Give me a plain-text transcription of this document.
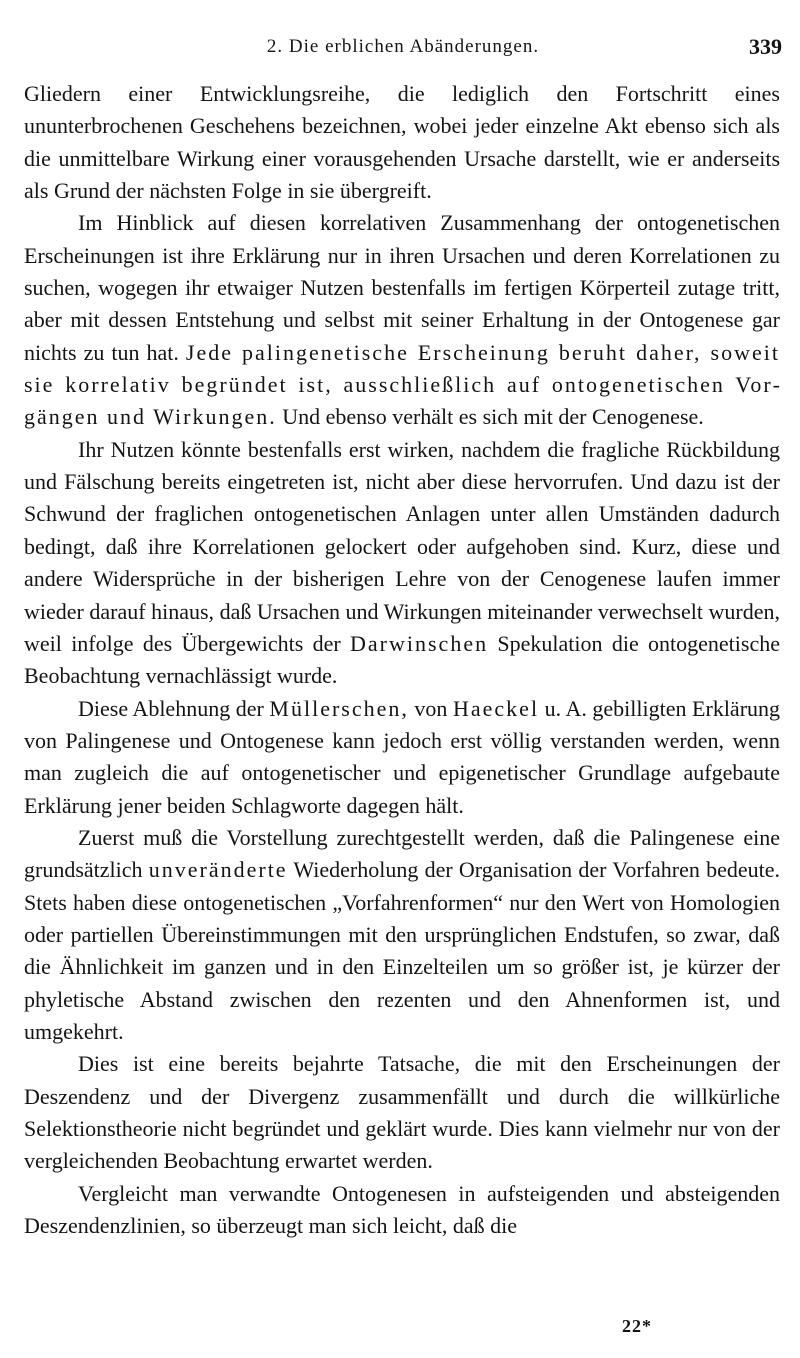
2. Die erblichen Abänderungen.	339

Gliedern einer Entwicklungsreihe, die lediglich den Fortschritt eines ununterbrochenen Geschehens bezeichnen, wobei jeder einzelne Akt ebenso sich als die unmittelbare Wirkung einer vorausgehenden Ursache darstellt, wie er anderseits als Grund der nächsten Folge in sie übergreift.

Im Hinblick auf diesen korrelativen Zusammenhang der ontogenetischen Erscheinungen ist ihre Erklärung nur in ihren Ursachen und deren Korrelationen zu suchen, wogegen ihr etwaiger Nutzen bestenfalls im fertigen Körperteil zutage tritt, aber mit dessen Entstehung und selbst mit seiner Erhaltung in der Ontogenese gar nichts zu tun hat. Jede palingenetische Erscheinung beruht daher, soweit sie korrelativ begründet ist, ausschließlich auf ontogenetischen Vorgängen und Wirkungen. Und ebenso verhält es sich mit der Cenogenese.

Ihr Nutzen könnte bestenfalls erst wirken, nachdem die fragliche Rückbildung und Fälschung bereits eingetreten ist, nicht aber diese hervorrufen. Und dazu ist der Schwund der fraglichen ontogenetischen Anlagen unter allen Umständen dadurch bedingt, daß ihre Korrelationen gelockert oder aufgehoben sind. Kurz, diese und andere Widersprüche in der bisherigen Lehre von der Cenogenese laufen immer wieder darauf hinaus, daß Ursachen und Wirkungen miteinander verwechselt wurden, weil infolge des Übergewichts der Darwinschen Spekulation die ontogenetische Beobachtung vernachlässigt wurde.

Diese Ablehnung der Müllerschen, von Haeckel u. A. gebilligten Erklärung von Palingenese und Ontogenese kann jedoch erst völlig verstanden werden, wenn man zugleich die auf ontogenetischer und epigenetischer Grundlage aufgebaute Erklärung jener beiden Schlagworte dagegen hält.

Zuerst muß die Vorstellung zurechtgestellt werden, daß die Palingenese eine grundsätzlich unveränderte Wiederholung der Organisation der Vorfahren bedeute. Stets haben diese ontogenetischen „Vorfahrenformen“ nur den Wert von Homologien oder partiellen Übereinstimmungen mit den ursprünglichen Endstufen, so zwar, daß die Ähnlichkeit im ganzen und in den Einzelteilen um so größer ist, je kürzer der phyletische Abstand zwischen den rezenten und den Ahnenformen ist, und umgekehrt.

Dies ist eine bereits bejahrte Tatsache, die mit den Erscheinungen der Deszendenz und der Divergenz zusammenfällt und durch die willkürliche Selektionstheorie nicht begründet und geklärt wurde. Dies kann vielmehr nur von der vergleichenden Beobachtung erwartet werden.

Vergleicht man verwandte Ontogenesen in aufsteigenden und absteigenden Deszendenzlinien, so überzeugt man sich leicht, daß die

22*
